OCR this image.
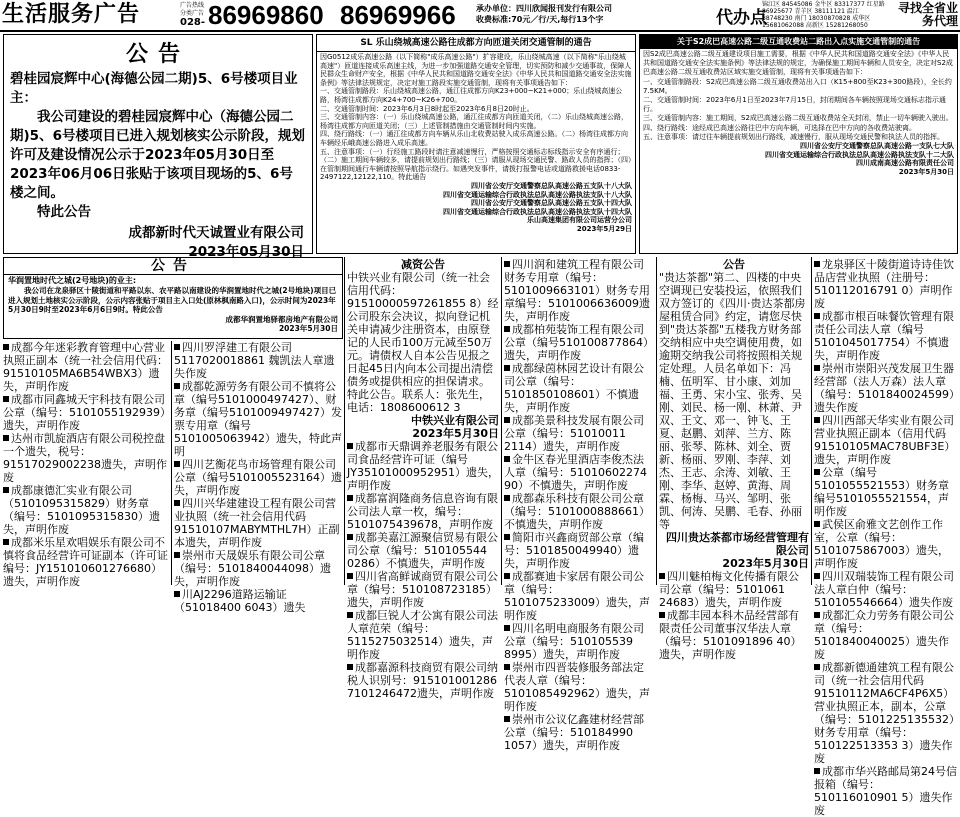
生活服务广告	广告热线
分类广告
028- 86969860 86969966	承办单位：四川欣闻报刊发行有限公司
收费标准:70元／行/天,每行13个字	代办点
锦江区 84545086 金牛区 83317377 红星路 86925677 青羊区 38111121 温江 88748230 南门 18030870828 成华区 15681062088 高新区 15281268050
寻找全省业务代理
公告
碧桂园宸辉中心(海德公园二期)5、6号楼项目业主：
我公司建设的碧桂园宸辉中心（海德公园二期)5、6号楼项目已进入规划核实公示阶段，规划许可及建设情况公示于2023年05月30日至2023年06月06日张贴于该项目现场的5、6号楼之间。
特此公告
成都新时代天诚置业有限公司
2023年05月30日
SL 乐山绕城高速公路往成都方向匝道关闭交通管制的通告
因G0512成乐高速公路（以下简称"成乐高速公路"）扩容建设，乐山绕城高速（以下简称"乐山绕城高速"）匝道连接成乐高速主线，为进一步加强道路交通安全管理，切实预防和减少交通事故，保障人民群众生命财产安全，根据《中华人民共和国道路交通安全法》《中华人民共和国道路交通安全法实施条例》等法律法规规定，决定对施工路段实施交通管制，现将有关事项通告如下：
一、交通管制路段：乐山绕城高速公路，通江往成都方向K23+000~K21+000；乐山绕城高速公路，杨湾往成都方向K24+700~K26+700。
二、交通管制时间：2023年6月3日8时起至2023年6月8日20时止。
三、交通管制内容：（一）乐山绕城高速公路，通江往成都方向匝道关闭，（二）乐山绕城高速公路，杨湾往成都方向匝道关闭；（三）上述管制措施由交通管制时间内实施。
四、绕行路线：（一）通江往成都方向车辆从乐山北收费站驶入成乐高速公路。（二）杨湾往成都方向车辆经乐峨高速公路进入成乐高速。
五、注意事项：（一）行经施工路段时请注意减速慢行，严格按照交通标志标线指示安全有序通行；（二）施工期间车辆较多，请提前规划出行路线；（三）请服从现场交通民警、路政人员的指挥；（四）在管制期间通行车辆请按照导航指示绕行。如遇突发事件，请拨打报警电话或道路救援电话0833-2497122,12122,110。特此通告
四川省公安厅交通警察总队高速公路五支队十八大队
四川省交通运输综合行政执法总队高速公路执法支队十八大队
四川省公安厅交通警察总队高速公路五支队十四大队
四川省交通运输综合行政执法总队高速公路执法支队十四大队
乐山高速集团有限公司运营分公司
2023年5月29日
关于S2成巴高速公路二级互通收费站二路出入点实施交通管制的通告
因S2成巴高速公路二级互通建设项目施工需要，根据《中华人民共和国道路交通安全法》《中华人民共和国道路交通安全法实施条例》等法律法规的规定，为确保施工期间车辆和人员安全，决定对S2成巴高速公路二级互通收费站区域实施交通管制，现将有关事项通告如下：
一、交通管制路段：S2成巴高速公路二级互通收费站出入口（K15+800至K23+300路段），全长约7.5KM。
二、交通管制时间：2023年6月1日至2023年7月15日，封闭期间各车辆按照现场交通标志指示通行。
三、交通管制内容：施工期间，S2成巴高速公路二级互通收费站全天封闭，禁止一切车辆驶入驶出。
四、绕行路线：途经成巴高速公路往巴中方向车辆，可选择在巴中方向的各收费站驶离。
五、注意事项：请过往车辆提前规划出行路线，减速慢行，服从现场交通民警和执法人员的指挥。
四川省公安厅交通警察总队高速公路一支队七大队
四川省交通运输综合行政执法总队高速公路执法支队十二大队
四川成南高速公路有限责任公司
2023年5月30日
公告
华润置地时代之城(2号地块)的业主:
我公司在龙泉驿区十陵街道和平路以东、农平路以南建设的华润置地时代之城(2号地块)项目已进入规划土地核实公示阶段，公示内容张贴于项目主入口处(原林枫南路入口)，公示时间为2023年5月30日9时至2023年6月6日9时。特此公告
成都华润置地驿都房地产有限公司
2023年5月30日
成都今年迷彩教育管理中心营业执照正副本（统一社会信用代码：91510105MA6B54WBX3）遗失，声明作废
成都市同鑫城天宇科技有限公司公章（编号：5101055192939）遗失，声明作废
达州市凯旋酒店有限公司税控盘一个遗失，税号：91517029002238遗失，声明作废
成都康德汇实业有限公司（5101095315829）财务章（编号：5101095315830）遗失，声明作废
成都米乐星欢唱娱乐有限公司不慎将食品经营许可证副本（许可证编号：JY151010601276680）遗失，声明作废
四川罗浮建工有限公司 5117020018861 魏凯法人章遗失作废
成都乾源劳务有限公司不慎将公章（编号5101000497427）、财务章（编号5101009497427）发票专用章（编号5101005063942）遗失，特此声明
四川艺衡花鸟市场管理有限公司公章（编号5101005523164）遗失，声明作废
四川兴华建建设工程有限公司营业执照（统一社会信用代码 91510107MABYMTHL7H）正副本遗失，声明作废
崇州市天晟娱乐有限公司公章（编号：5101840044098）遗失，声明作废
川AJ2296道路运输证（51018400 6043）遗失
减资公告
中铁兴业有限公司（统一社会信用代码：91510000597261855 8）经公司股东会决议，拟向登记机关申请减少注册资本，由原登记的人民币100万元减至50万元。请债权人自本公告见报之日起45日内向本公司提出清偿债务或提供相应的担保请求。特此公告。联系人：张先生，电话：1808600612 3
中铁兴业有限公司
2023年5月30日
成都市天鼎调养老服务有限公司食品经营许可证（编号JY35101000952951）遗失，声明作废
成都富润隆商务信息咨询有限公司法人章一枚，编号：5101075439678，声明作废
成都美嘉江源聚信贸易有限公司公章（编号：510105544 0286）不慎遗失，声明作废
四川省高鲜诚商贸有限公司公章（编号：510108723185）遗失，声明作废
成都巨锐人才公寓有限公司法人章范荣（编号：5115275032514）遗失，声明作废
成都嘉源科技商贸有限公司纳税人识别号：915101001286 7101246472遗失，声明作废
四川润和建筑工程有限公司财务专用章（编号：5101009663101）财务专用章编号：5101006636009遗失，声明作废
成都柏苑装饰工程有限公司公章（编号510100877864）遗失，声明作废
成都绿茵林园艺设计有限公司公章（编号：5101850108601）不慎遗失，声明作废
成都美景科技发展有限公司公章（编号：51010011 2114）遗失，声明作废
金牛区春光里酒店李俊杰法人章（编号：51010602274 90）不慎遗失，声明作废
成都森乐科技有限公司公章（编号：5101000888661）不慎遗失，声明作废
简阳市兴鑫商贸部公章（编号：5101850049940）遗失，声明作废
成都赛迪卡家居有限公司公章（编号：5101075233009）遗失，声明作废
四川名明电商服务有限公司公章（编号：510105539 8995）遗失，声明作废
崇州市四晋装修服务部法定代表人章（编号：5101085492962）遗失，声明作废
崇州市公议亿鑫建材经营部公章（编号：510184990 1057）遗失，声明作废
公告
"贵达茶都"第二、四楼的中央空调现已安装投运，依照我们双方签订的《四川·贵达茶都房屋租赁合同》约定，请您尽快到"贵达茶都"五楼我方财务部交纳相应中央空调使用费，如逾期交纳我公司将按照相关规定处理。人员名单如下：冯楠、伍明军、甘小康、刘加福、王勇、宋小宝、张秀、吴刚、刘民、杨一刚、林萧、尹双、王文、邓一、钟飞、王夏、赵鹏、刘萍、兰方、陈丽、张琴、陈林、刘全、贾新、杨丽、罗刚、李萍、刘杰、王志、余涛、刘敏、王刚、李华、赵婷、黄海、周霖、杨梅、马兴、邹明、张凯、何涛、吴鹏、毛春、孙丽等
四川贵达茶都市场经营管理有限公司
2023年5月30日
四川魅柏梅文化传播有限公司公章（编号：5101061 24683）遗失，声明作废
成都丰园本科木品经营部有限责任公司董事汉华法人章（编号：5101091896 40）遗失，声明作废
龙泉驿区十陵街道诗诗佳饮品店营业执照（注册号：510112016791 0）声明作废
成都市根百味餐饮管理有限责任公司法人章（编号5101045017754）不慎遗失，声明作废
崇州市崇阳兴茂发展卫生器经营部（法人万森）法人章（编号：5101840024599）遗失作废
四川西部天华实业有限公司营业执照正副本（信用代码91510105MAC78UBF3E）遗失，声明作废
公章（编号5101055521553）财务章编号5101055521554，声明作废
武侯区俞雅文艺创作工作室，公章（编号：5101075867003）遗失，声明作废
四川双瑞装饰工程有限公司法人章白仲（编号：510105546664）遗失作废
成都汇众力劳务有限公司公章（编号：5101840040025）遗失作废
成都新德通建筑工程有限公司（统一社会信用代码 91510112MA6CF4P6X5）营业执照正本，副本，公章（编号：5101225135532）财务专用章（编号：510122513353 3）遗失作废
成都市华兴路邮局第24号信报箱（编号：510116010901 5）遗失作废
